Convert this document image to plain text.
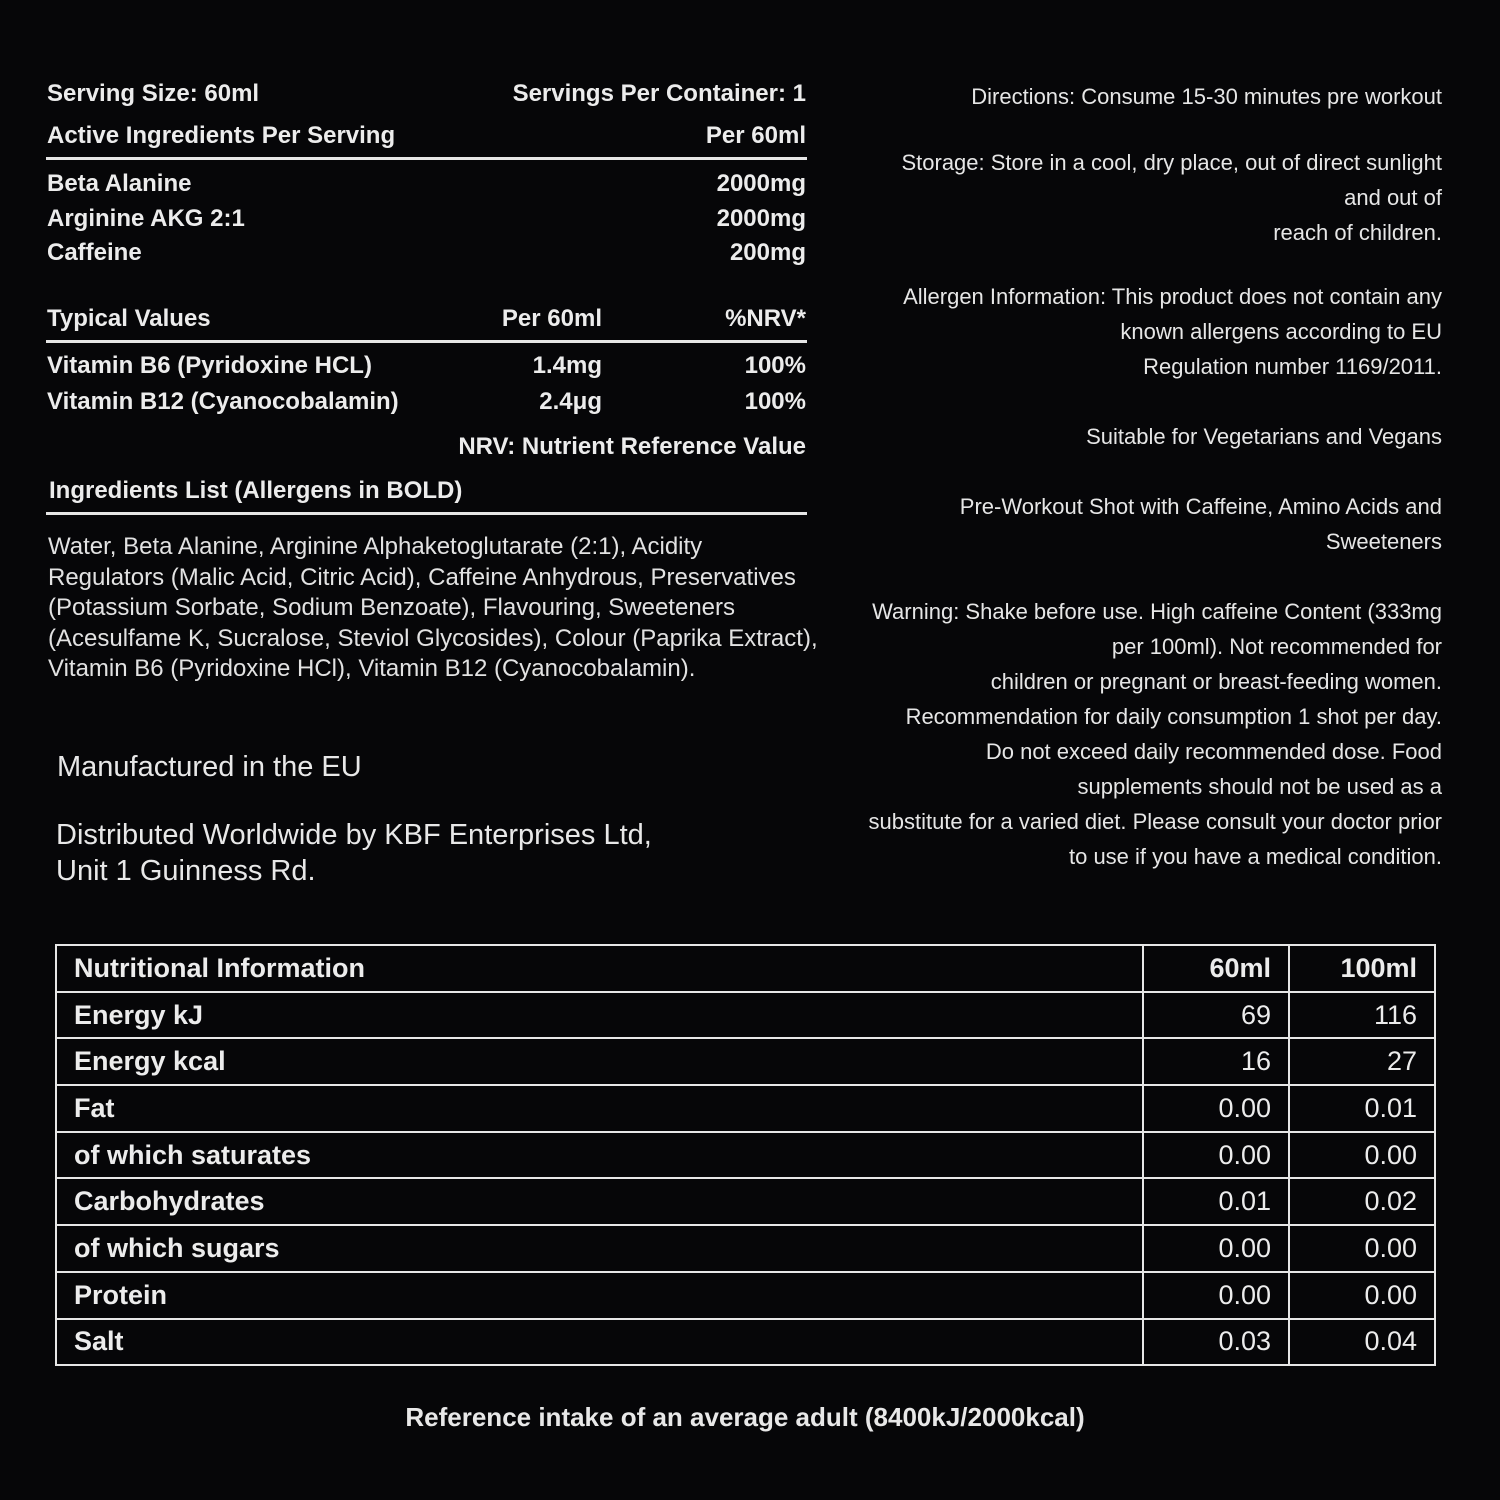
Serving Size: 60ml	Servings Per Container: 1
Active Ingredients Per Serving	Per 60ml
Beta Alanine	2000mg
Arginine AKG 2:1	2000mg
Caffeine	200mg
Typical Values	Per 60ml	%NRV*
Vitamin B6 (Pyridoxine HCL)	1.4mg	100%
Vitamin B12 (Cyanocobalamin)	2.4μg	100%
NRV: Nutrient Reference Value
Ingredients List (Allergens in BOLD)
Water, Beta Alanine, Arginine Alphaketoglutarate (2:1), Acidity Regulators (Malic Acid, Citric Acid), Caffeine Anhydrous, Preservatives (Potassium Sorbate, Sodium Benzoate), Flavouring, Sweeteners (Acesulfame K, Sucralose, Steviol Glycosides), Colour (Paprika Extract), Vitamin B6 (Pyridoxine HCl), Vitamin B12 (Cyanocobalamin).
Manufactured in the EU
Distributed Worldwide by KBF Enterprises Ltd,
Unit 1 Guinness Rd.
Directions: Consume 15-30 minutes pre workout
Storage: Store in a cool, dry place, out of direct sunlight
and out of
reach of children.
Allergen Information: This product does not contain any
known allergens according to EU
Regulation number 1169/2011.
Suitable for Vegetarians and Vegans
Pre-Workout Shot with Caffeine, Amino Acids and
Sweeteners
Warning: Shake before use. High caffeine Content (333mg
per 100ml). Not recommended for
children or pregnant or breast-feeding women.
Recommendation for daily consumption 1 shot per day.
Do not exceed daily recommended dose. Food
supplements should not be used as a
substitute for a varied diet. Please consult your doctor prior
to use if you have a medical condition.
Nutritional Information	60ml	100ml
Energy kJ	69	116
Energy kcal	16	27
Fat	0.00	0.01
of which saturates	0.00	0.00
Carbohydrates	0.01	0.02
of which sugars	0.00	0.00
Protein	0.00	0.00
Salt	0.03	0.04
Reference intake of an average adult (8400kJ/2000kcal)
